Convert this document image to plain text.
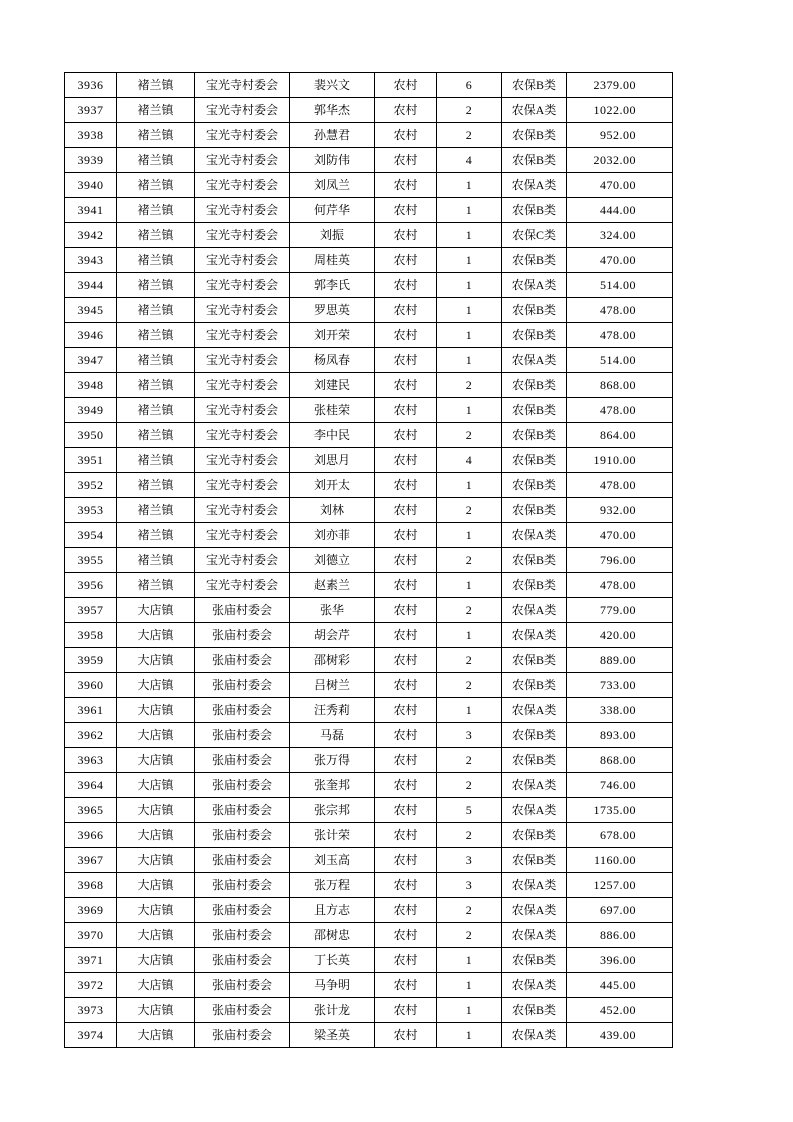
3936	褚兰镇	宝光寺村委会	裴兴文	农村	6	农保B类	2379.00
3937	褚兰镇	宝光寺村委会	郭华杰	农村	2	农保A类	1022.00
3938	褚兰镇	宝光寺村委会	孙慧君	农村	2	农保B类	952.00
3939	褚兰镇	宝光寺村委会	刘防伟	农村	4	农保B类	2032.00
3940	褚兰镇	宝光寺村委会	刘凤兰	农村	1	农保A类	470.00
3941	褚兰镇	宝光寺村委会	何芹华	农村	1	农保B类	444.00
3942	褚兰镇	宝光寺村委会	刘振	农村	1	农保C类	324.00
3943	褚兰镇	宝光寺村委会	周桂英	农村	1	农保B类	470.00
3944	褚兰镇	宝光寺村委会	郭李氏	农村	1	农保A类	514.00
3945	褚兰镇	宝光寺村委会	罗思英	农村	1	农保B类	478.00
3946	褚兰镇	宝光寺村委会	刘开荣	农村	1	农保B类	478.00
3947	褚兰镇	宝光寺村委会	杨凤春	农村	1	农保A类	514.00
3948	褚兰镇	宝光寺村委会	刘建民	农村	2	农保B类	868.00
3949	褚兰镇	宝光寺村委会	张桂荣	农村	1	农保B类	478.00
3950	褚兰镇	宝光寺村委会	李中民	农村	2	农保B类	864.00
3951	褚兰镇	宝光寺村委会	刘思月	农村	4	农保B类	1910.00
3952	褚兰镇	宝光寺村委会	刘开太	农村	1	农保B类	478.00
3953	褚兰镇	宝光寺村委会	刘林	农村	2	农保B类	932.00
3954	褚兰镇	宝光寺村委会	刘亦菲	农村	1	农保A类	470.00
3955	褚兰镇	宝光寺村委会	刘德立	农村	2	农保B类	796.00
3956	褚兰镇	宝光寺村委会	赵素兰	农村	1	农保B类	478.00
3957	大店镇	张庙村委会	张华	农村	2	农保A类	779.00
3958	大店镇	张庙村委会	胡会芹	农村	1	农保A类	420.00
3959	大店镇	张庙村委会	邵树彩	农村	2	农保B类	889.00
3960	大店镇	张庙村委会	吕树兰	农村	2	农保B类	733.00
3961	大店镇	张庙村委会	汪秀莉	农村	1	农保A类	338.00
3962	大店镇	张庙村委会	马磊	农村	3	农保B类	893.00
3963	大店镇	张庙村委会	张万得	农村	2	农保B类	868.00
3964	大店镇	张庙村委会	张奎邦	农村	2	农保A类	746.00
3965	大店镇	张庙村委会	张宗邦	农村	5	农保A类	1735.00
3966	大店镇	张庙村委会	张计荣	农村	2	农保B类	678.00
3967	大店镇	张庙村委会	刘玉高	农村	3	农保B类	1160.00
3968	大店镇	张庙村委会	张万程	农村	3	农保A类	1257.00
3969	大店镇	张庙村委会	且方志	农村	2	农保A类	697.00
3970	大店镇	张庙村委会	邵树忠	农村	2	农保A类	886.00
3971	大店镇	张庙村委会	丁长英	农村	1	农保B类	396.00
3972	大店镇	张庙村委会	马争明	农村	1	农保A类	445.00
3973	大店镇	张庙村委会	张计龙	农村	1	农保B类	452.00
3974	大店镇	张庙村委会	梁圣英	农村	1	农保A类	439.00
